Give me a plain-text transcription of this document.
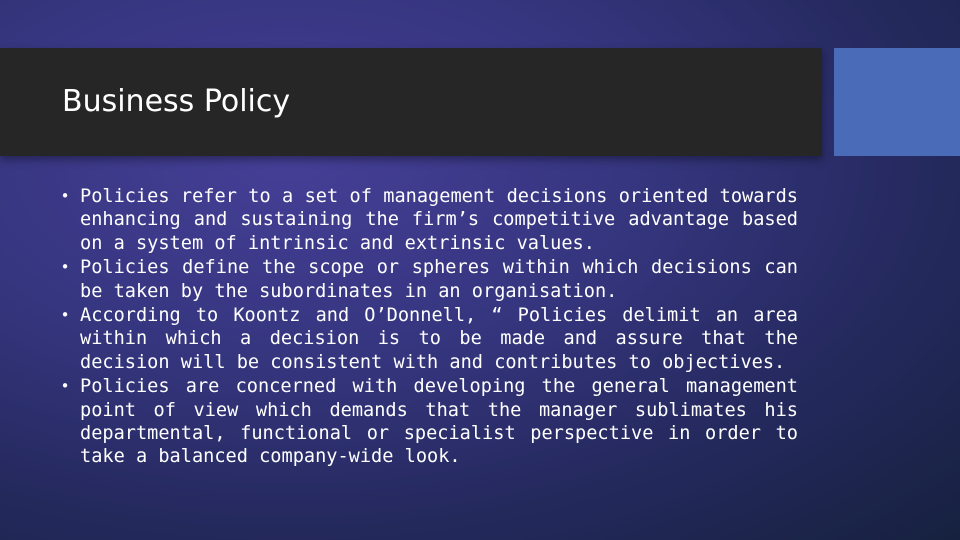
Business Policy
• Policies refer to a set of management decisions oriented towards enhancing and sustaining the firm’s competitive advantage based on a system of intrinsic and extrinsic values.
• Policies define the scope or spheres within which decisions can be taken by the subordinates in an organisation.
• According to Koontz and O’Donnell, “ Policies delimit an area within which a decision is to be made and assure that the decision will be consistent with and contributes to objectives.
• Policies are concerned with developing the general management point of view which demands that the manager sublimates his departmental, functional or specialist perspective in order to take a balanced company-wide look.
